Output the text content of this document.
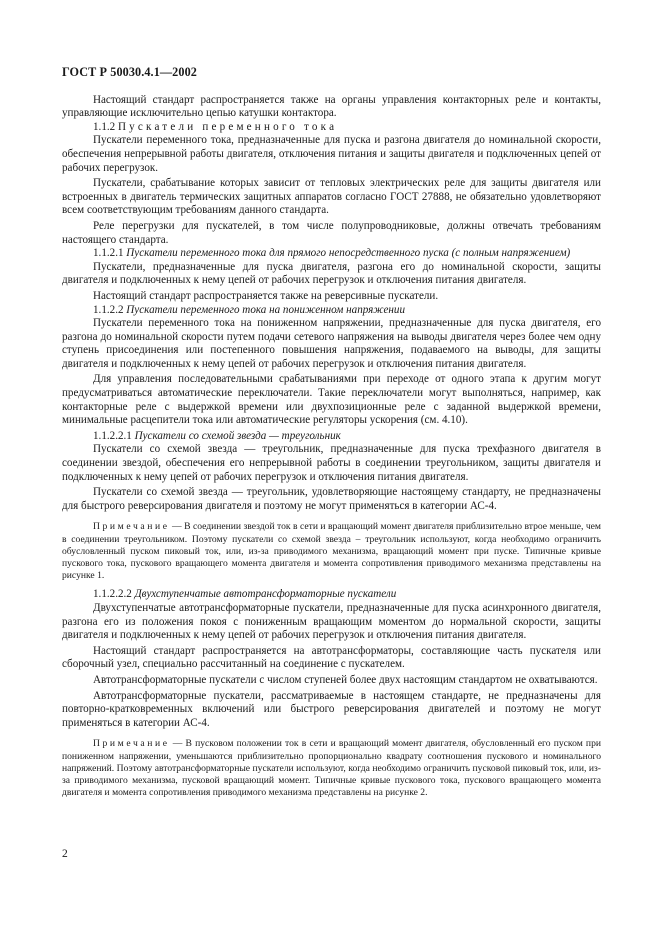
ГОСТ Р 50030.4.1—2002

Настоящий стандарт распространяется также на органы управления контакторных реле и контакты, управляющие исключительно цепью катушки контактора.

1.1.2 Пускатели переменного тока

Пускатели переменного тока, предназначенные для пуска и разгона двигателя до номинальной скорости, обеспечения непрерывной работы двигателя, отключения питания и защиты двигателя и подключенных цепей от рабочих перегрузок.

Пускатели, срабатывание которых зависит от тепловых электрических реле для защиты двигателя или встроенных в двигатель термических защитных аппаратов согласно ГОСТ 27888, не обязательно удовлетворяют всем соответствующим требованиям данного стандарта.

Реле перегрузки для пускателей, в том числе полупроводниковые, должны отвечать требованиям настоящего стандарта.

1.1.2.1 Пускатели переменного тока для прямого непосредственного пуска (с полным напряжением)

Пускатели, предназначенные для пуска двигателя, разгона его до номинальной скорости, защиты двигателя и подключенных к нему цепей от рабочих перегрузок и отключения питания двигателя.

Настоящий стандарт распространяется также на реверсивные пускатели.

1.1.2.2 Пускатели переменного тока на пониженном напряжении

Пускатели переменного тока на пониженном напряжении, предназначенные для пуска двигателя, его разгона до номинальной скорости путем подачи сетевого напряжения на выводы двигателя через более чем одну ступень присоединения или постепенного повышения напряжения, подаваемого на выводы, для защиты двигателя и подключенных к нему цепей от рабочих перегрузок и отключения питания двигателя.

Для управления последовательными срабатываниями при переходе от одного этапа к другим могут предусматриваться автоматические переключатели. Такие переключатели могут выполняться, например, как контакторные реле с выдержкой времени или двухпозиционные реле с заданной выдержкой времени, минимальные расцепители тока или автоматические регуляторы ускорения (см. 4.10).

1.1.2.2.1 Пускатели со схемой звезда — треугольник

Пускатели со схемой звезда — треугольник, предназначенные для пуска трехфазного двигателя в соединении звездой, обеспечения его непрерывной работы в соединении треугольником, защиты двигателя и подключенных к нему цепей от рабочих перегрузок и отключения питания двигателя.

Пускатели со схемой звезда — треугольник, удовлетворяющие настоящему стандарту, не предназначены для быстрого реверсирования двигателя и поэтому не могут применяться в категории АС-4.

Примечание — В соединении звездой ток в сети и вращающий момент двигателя приблизительно втрое меньше, чем в соединении треугольником. Поэтому пускатели со схемой звезда – треугольник используют, когда необходимо ограничить обусловленный пуском пиковый ток, или, из-за приводимого механизма, вращающий момент при пуске. Типичные кривые пускового тока, пускового вращающего момента двигателя и момента сопротивления приводимого механизма представлены на рисунке 1.

1.1.2.2.2 Двухступенчатые автотрансформаторные пускатели

Двухступенчатые автотрансформаторные пускатели, предназначенные для пуска асинхронного двигателя, разгона его из положения покоя с пониженным вращающим моментом до нормальной скорости, защиты двигателя и подключенных к нему цепей от рабочих перегрузок и отключения питания двигателя.

Настоящий стандарт распространяется на автотрансформаторы, составляющие часть пускателя или сборочный узел, специально рассчитанный на соединение с пускателем.

Автотрансформаторные пускатели с числом ступеней более двух настоящим стандартом не охватываются.

Автотрансформаторные пускатели, рассматриваемые в настоящем стандарте, не предназначены для повторно-кратковременных включений или быстрого реверсирования двигателей и поэтому не могут применяться в категории АС-4.

Примечание — В пусковом положении ток в сети и вращающий момент двигателя, обусловленный его пуском при пониженном напряжении, уменьшаются приблизительно пропорционально квадрату соотношения пускового и номинального напряжений. Поэтому автотрансформаторные пускатели используют, когда необходимо ограничить пусковой пиковый ток, или, из-за приводимого механизма, пусковой вращающий момент. Типичные кривые пускового тока, пускового вращающего момента двигателя и момента сопротивления приводимого механизма представлены на рисунке 2.

2
